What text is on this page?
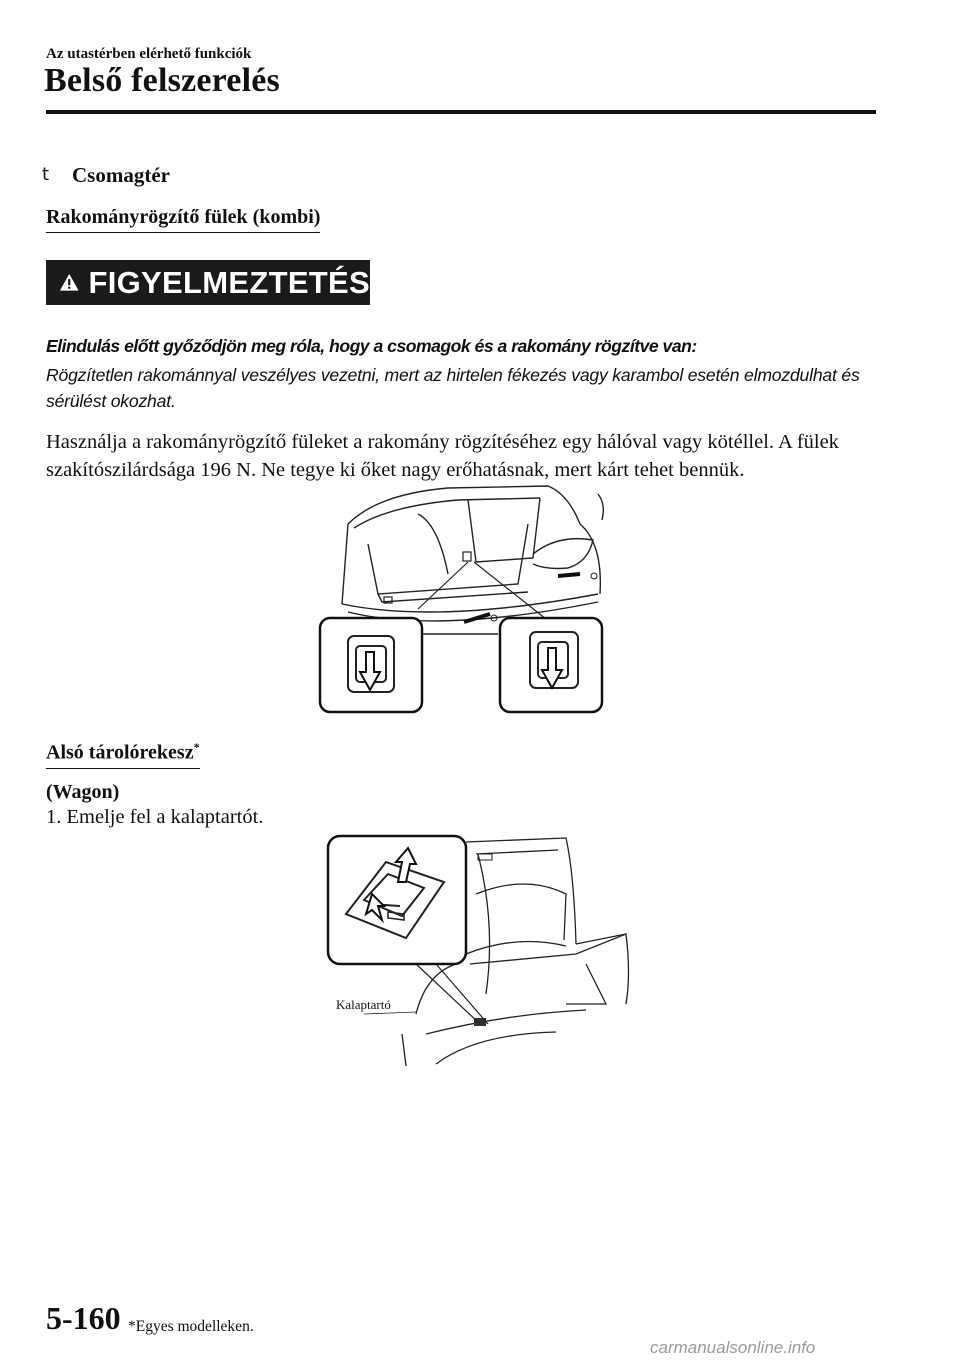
Az utastérben elérhető funkciók
Belső felszerelés
t Csomagtér
Rakományrögzítő fülek (kombi)
FIGYELMEZTETÉS
Elindulás előtt győződjön meg róla, hogy a csomagok és a rakomány rögzítve van:
Rögzítetlen rakománnyal veszélyes vezetni, mert az hirtelen fékezés vagy karambol esetén elmozdulhat és sérülést okozhat.
Használja a rakományrögzítő füleket a rakomány rögzítéséhez egy hálóval vagy kötéllel. A fülek szakítószilárdsága 196 N. Ne tegye ki őket nagy erőhatásnak, mert kárt tehet bennük.
Alsó tárolórekesz*
(Wagon)
1. Emelje fel a kalaptartót.
Kalaptartó
5-160 *Egyes modelleken.
carmanualsonline.info
